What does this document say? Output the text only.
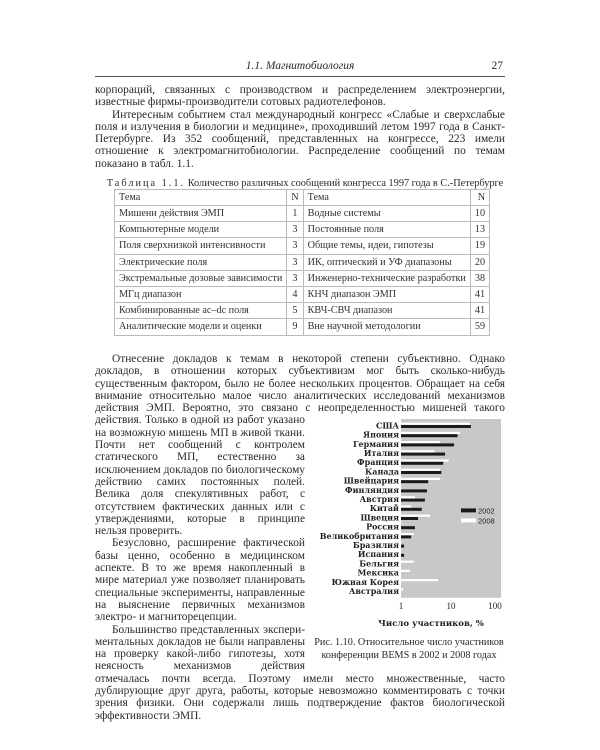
1.1. Магнитобиология	27

корпораций, связанных с производством и распределением электроэнергии, известные фирмы-производители сотовых радиотелефонов.

Интересным событием стал международный конгресс «Слабые и сверхслабые поля и излучения в биологии и медицине», проходивший летом 1997 года в Санкт-Петербурге. Из 352 сообщений, представленных на конгрессе, 223 имели отношение к электромагнитобиологии. Распределение сообщений по темам показано в табл. 1.1.

Таблица 1.1. Количество различных сообщений конгресса 1997 года в С.-Петербурге
Тема	N	Тема	N
Мишени действия ЭМП	1	Водные системы	10
Компьютерные модели	3	Постоянные поля	13
Поля сверхнизкой интенсивности	3	Общие темы, идеи, гипотезы	19
Электрические поля	3	ИК, оптический и УФ диапазоны	20
Экстремальные дозовые зависимости	3	Инженерно-технические разработки	38
МГц диапазон	4	КНЧ диапазон ЭМП	41
Комбинированные ac–dc поля	5	КВЧ-СВЧ диапазон	41
Аналитические модели и оценки	9	Вне научной методологии	59
США
Япония
Германия
Италия
Франция
Канада
Швейцария
Финляндия
Австрия
Китай
Швеция
Россия
Великобритания
Бразилия
Испания
Бельгия
Мексика
Южная Корея
Австралия
1	10	100
Число участников, %
2002
2008
Рис. 1.10. Относительное число участников конференции BEMS в 2002 и 2008 годах

Отнесение докладов к темам в некоторой степени субъективно. Однако докладов, в отношении которых субъективизм мог быть сколько-нибудь существенным фактором, было не более нескольких процентов. Обращает на себя внимание относительно малое число аналитических исследований механизмов действия ЭМП. Вероятно, это связано с неопределенностью мишеней такого действия. Только в одной из работ указано на возможную мишень МП в живой ткани. Почти нет сообщений с контролем статического МП, естественно за исключением докладов по биологическому действию самих постоянных полей. Велика доля спекулятивных работ, с отсутствием фактических данных или с утверждениями, которые в принципе нельзя проверить.

Безусловно, расширение фактической базы ценно, особенно в медицинском аспекте. В то же время накопленный в мире материал уже позволяет планировать специальные эксперименты, направленные на выяснение первичных механизмов электро- и магниторецепции.

Большинство представленных экспери-ментальных докладов не были направлены на проверку какой-либо гипотезы, хотя неясность механизмов действия отмечалась почти всегда. Поэтому имели место множественные, часто дублирующие друг друга, работы, которые невозможно комментировать с точки зрения физики. Они содержали лишь подтверждение фактов биологической эффективности ЭМП.
